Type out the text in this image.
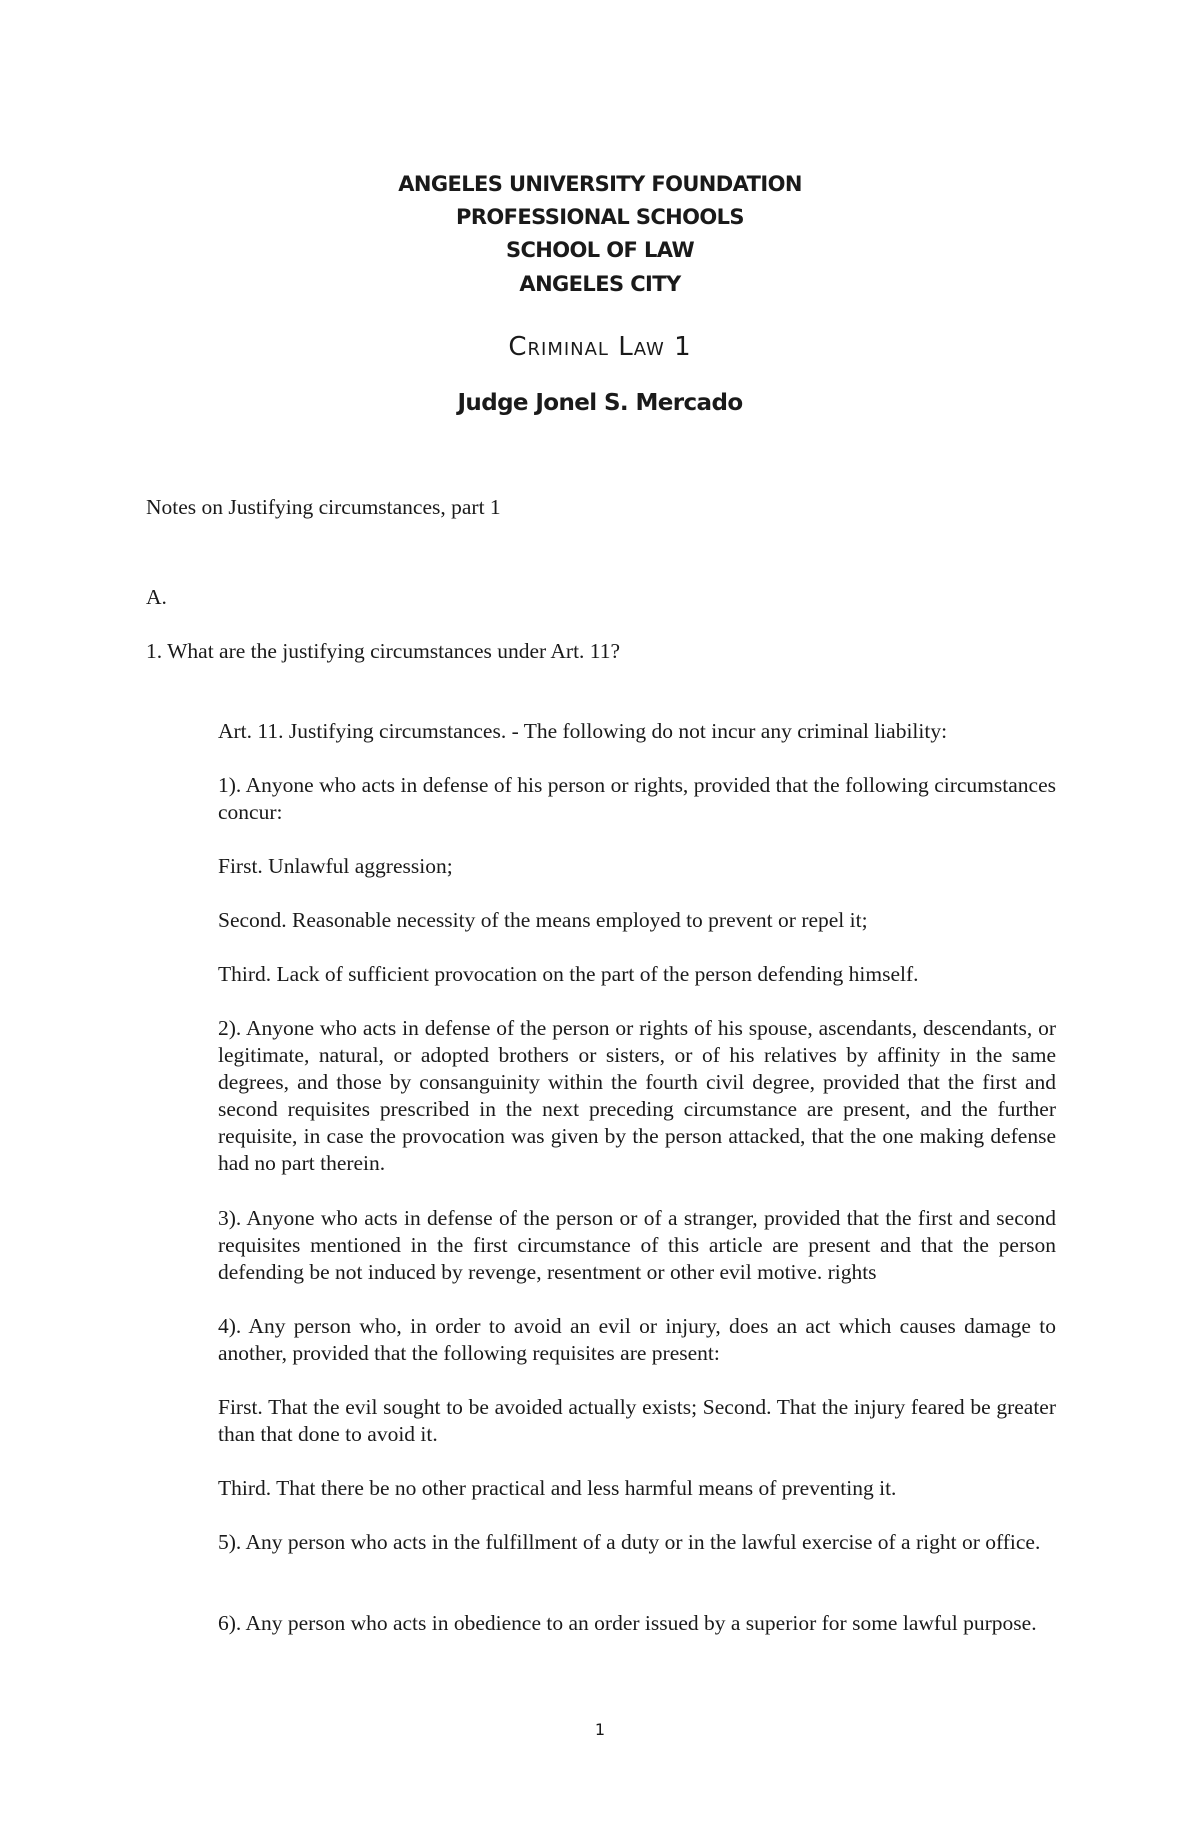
ANGELES UNIVERSITY FOUNDATION
PROFESSIONAL SCHOOLS
SCHOOL OF LAW
ANGELES CITY
Criminal Law 1
Judge Jonel S. Mercado
Notes on Justifying circumstances, part 1
A.
1. What are the justifying circumstances under Art. 11?
Art. 11. Justifying circumstances. - The following do not incur any criminal liability:
1). Anyone who acts in defense of his person or rights, provided that the following circumstances concur:
First. Unlawful aggression;
Second. Reasonable necessity of the means employed to prevent or repel it;
Third. Lack of sufficient provocation on the part of the person defending himself.
2). Anyone who acts in defense of the person or rights of his spouse, ascendants, descendants, or legitimate, natural, or adopted brothers or sisters, or of his relatives by affinity in the same degrees, and those by consanguinity within the fourth civil degree, provided that the first and second requisites prescribed in the next preceding circumstance are present, and the further requisite, in case the provocation was given by the person attacked, that the one making defense had no part therein.
3). Anyone who acts in defense of the person or of a stranger, provided that the first and second requisites mentioned in the first circumstance of this article are present and that the person defending be not induced by revenge, resentment or other evil motive. rights
4). Any person who, in order to avoid an evil or injury, does an act which causes damage to another, provided that the following requisites are present:
First. That the evil sought to be avoided actually exists; Second. That the injury feared be greater than that done to avoid it.
Third. That there be no other practical and less harmful means of preventing it.
5). Any person who acts in the fulfillment of a duty or in the lawful exercise of a right or office.
6). Any person who acts in obedience to an order issued by a superior for some lawful purpose.
1
